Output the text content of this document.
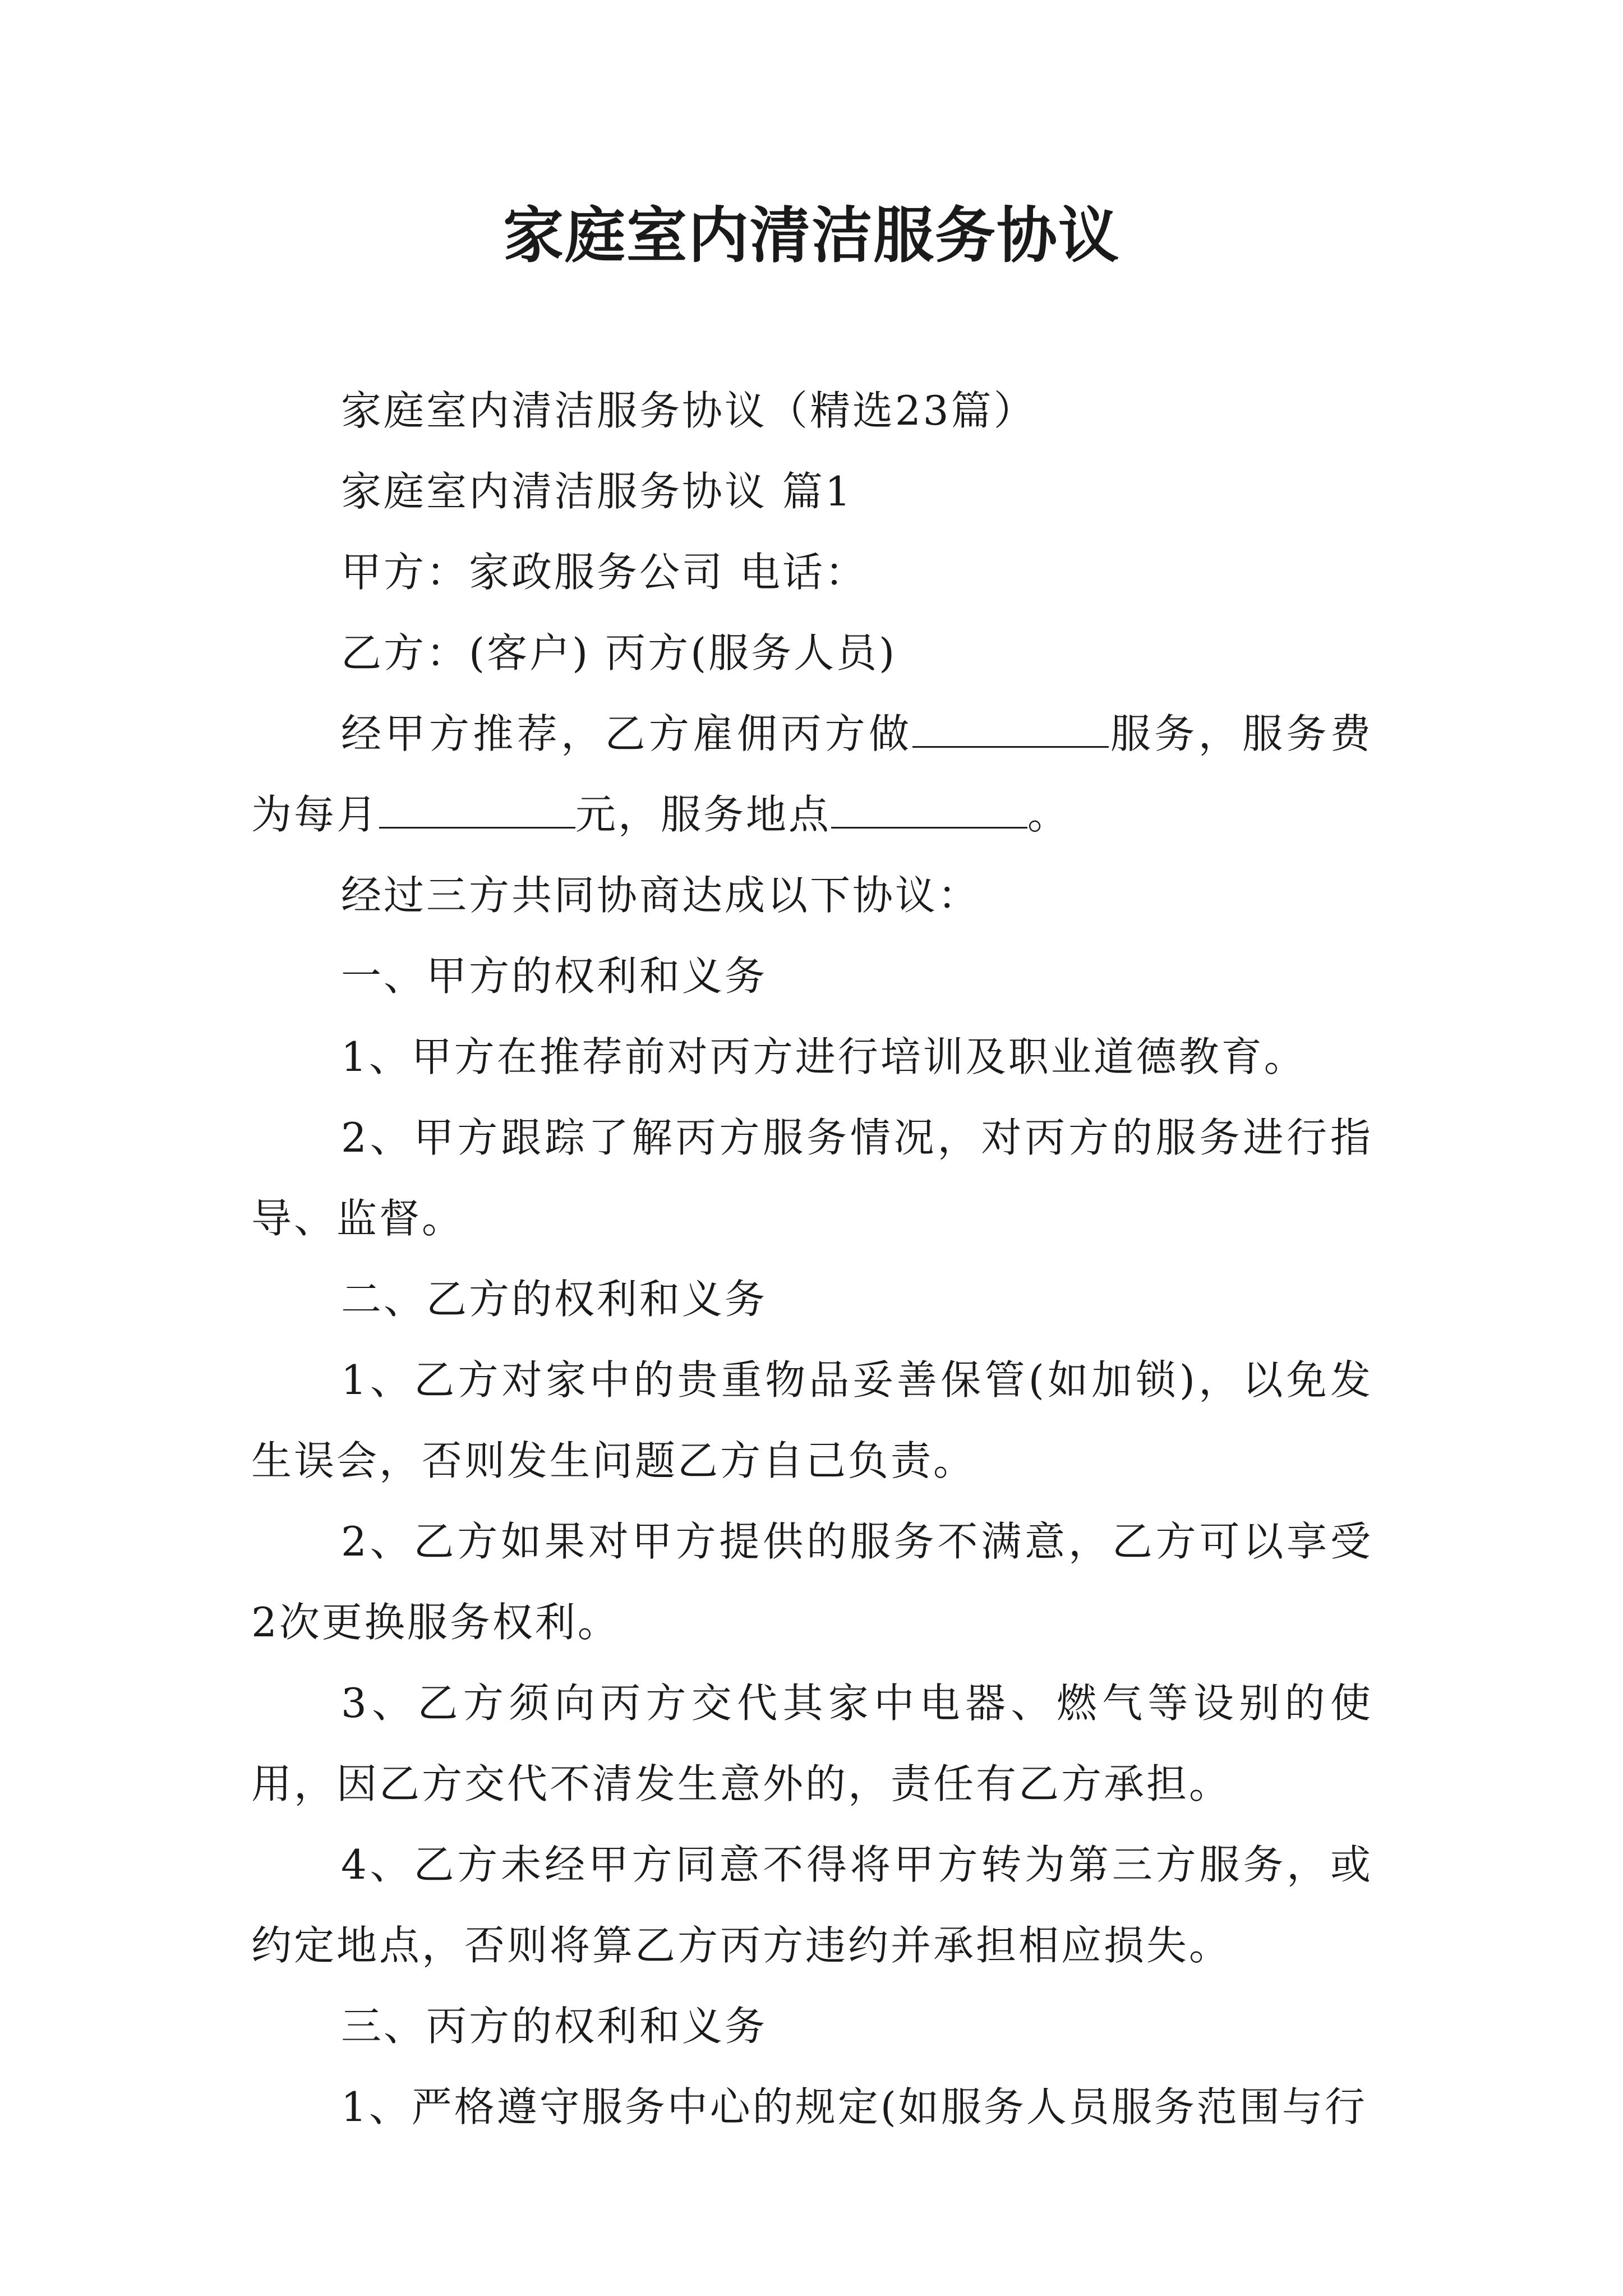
家庭室内清洁服务协议

家庭室内清洁服务协议（精选23篇）

家庭室内清洁服务协议 篇1

甲方：家政服务公司 电话：

乙方：(客户) 丙方(服务人员)

经甲方推荐，乙方雇佣丙方做	服务，服务费为每月	元，服务地点	。

经过三方共同协商达成以下协议：

一、甲方的权利和义务

1、甲方在推荐前对丙方进行培训及职业道德教育。

2、甲方跟踪了解丙方服务情况，对丙方的服务进行指导、监督。

二、乙方的权利和义务

1、乙方对家中的贵重物品妥善保管(如加锁)，以免发生误会，否则发生问题乙方自己负责。

2、乙方如果对甲方提供的服务不满意，乙方可以享受2次更换服务权利。

3、乙方须向丙方交代其家中电器、燃气等设别的使用，因乙方交代不清发生意外的，责任有乙方承担。

4、乙方未经甲方同意不得将甲方转为第三方服务，或约定地点，否则将算乙方丙方违约并承担相应损失。

三、丙方的权利和义务

1、严格遵守服务中心的规定(如服务人员服务范围与行
